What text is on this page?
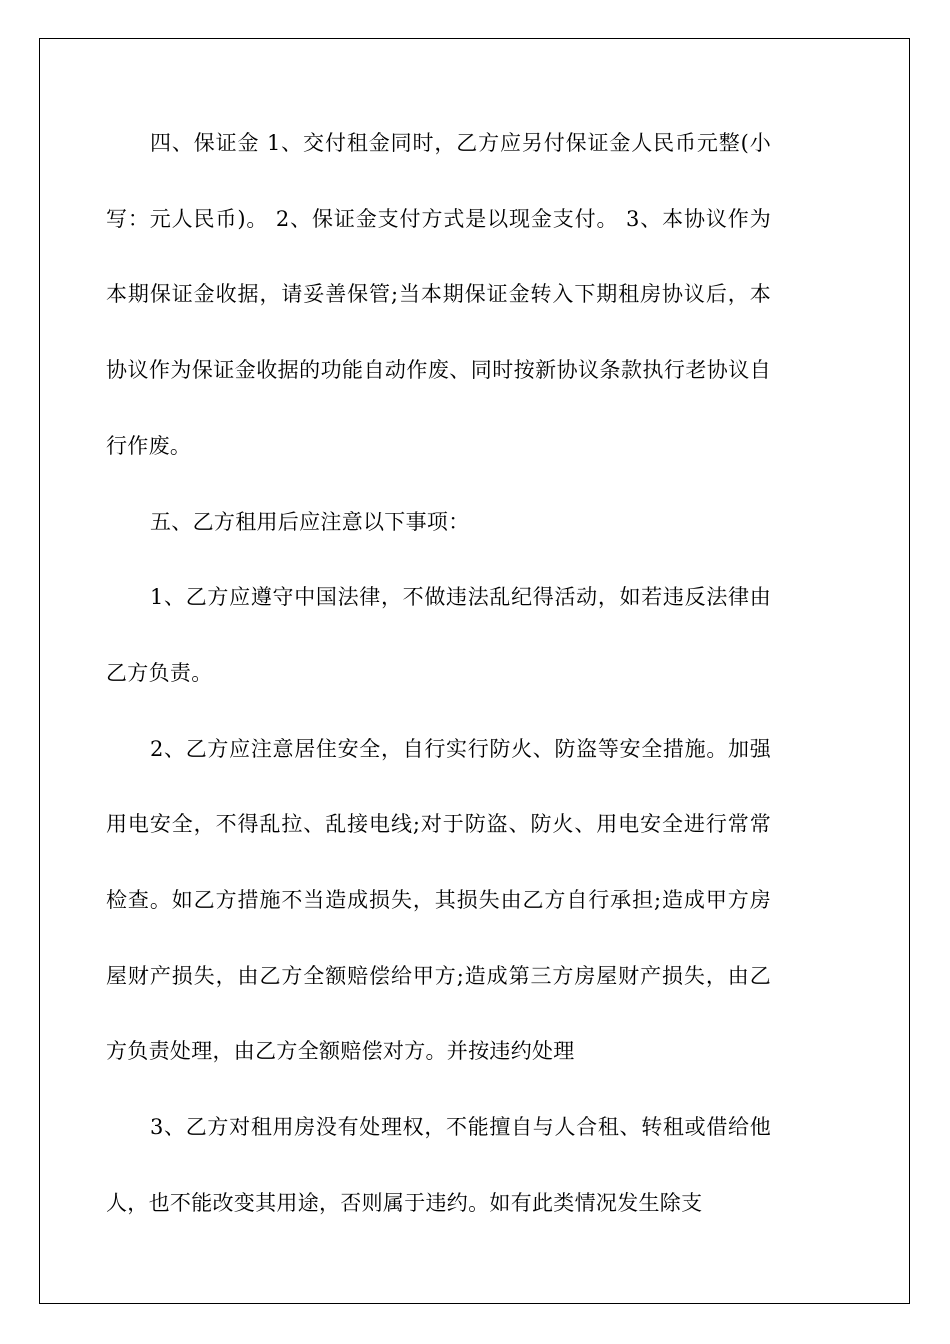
四、保证金 1、交付租金同时，乙方应另付保证金人民币元整(小写：元人民币)。 2、保证金支付方式是以现金支付。 3、本协议作为本期保证金收据，请妥善保管;当本期保证金转入下期租房协议后，本协议作为保证金收据的功能自动作废、同时按新协议条款执行老协议自行作废。

五、乙方租用后应注意以下事项：

1、乙方应遵守中国法律，不做违法乱纪得活动，如若违反法律由乙方负责。

2、乙方应注意居住安全，自行实行防火、防盗等安全措施。加强用电安全，不得乱拉、乱接电线;对于防盗、防火、用电安全进行常常检查。如乙方措施不当造成损失，其损失由乙方自行承担;造成甲方房屋财产损失，由乙方全额赔偿给甲方;造成第三方房屋财产损失，由乙方负责处理，由乙方全额赔偿对方。并按违约处理

3、乙方对租用房没有处理权，不能擅自与人合租、转租或借给他人，也不能改变其用途，否则属于违约。如有此类情况发生除支
